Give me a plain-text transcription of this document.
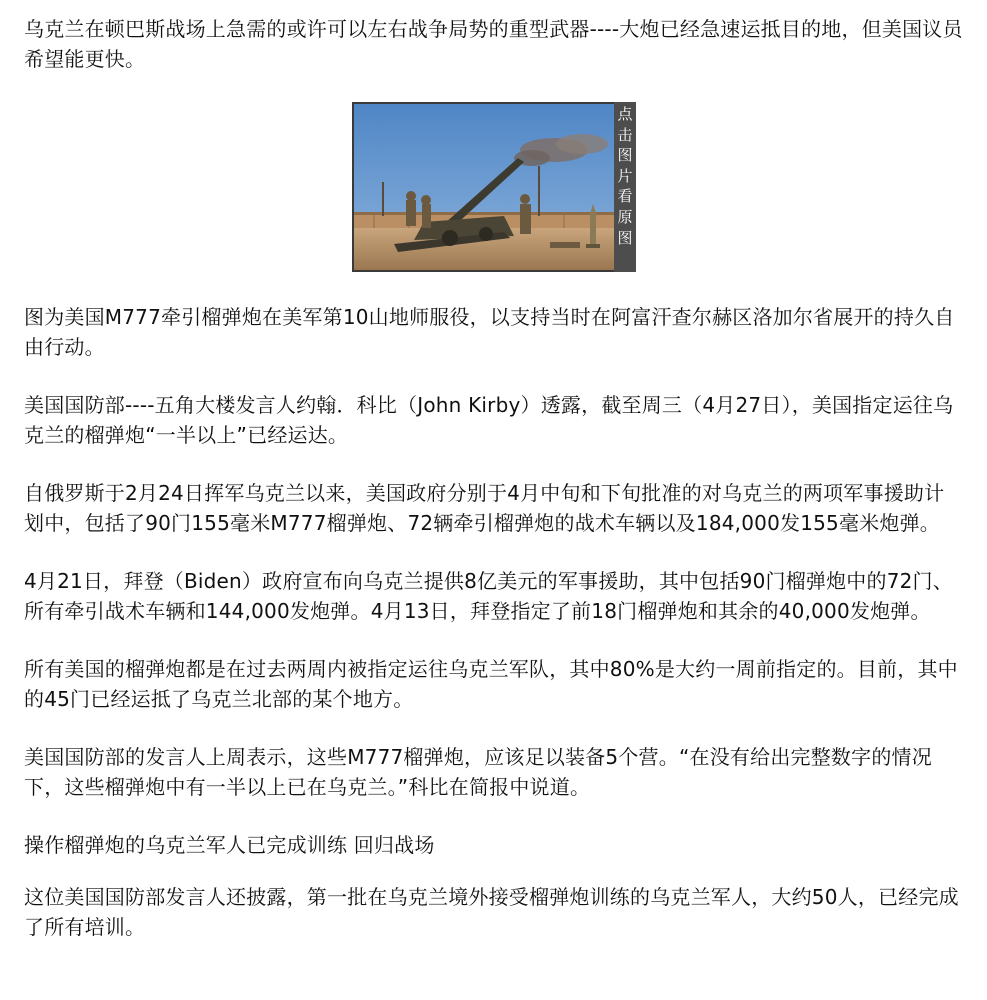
乌克兰在顿巴斯战场上急需的或许可以左右战争局势的重型武器----大炮已经急速运抵目的地，但美国议员希望能更快。

点击图片看原图

图为美国M777牵引榴弹炮在美军第10山地师服役，以支持当时在阿富汗查尔赫区洛加尔省展开的持久自由行动。

美国国防部----五角大楼发言人约翰．科比（John Kirby）透露，截至周三（4月27日），美国指定运往乌克兰的榴弹炮“一半以上”已经运达。

自俄罗斯于2月24日挥军乌克兰以来，美国政府分别于4月中旬和下旬批准的对乌克兰的两项军事援助计划中，包括了90门155毫米M777榴弹炮、72辆牵引榴弹炮的战术车辆以及184,000发155毫米炮弹。

4月21日，拜登（Biden）政府宣布向乌克兰提供8亿美元的军事援助，其中包括90门榴弹炮中的72门、所有牵引战术车辆和144,000发炮弹。4月13日，拜登指定了前18门榴弹炮和其余的40,000发炮弹。

所有美国的榴弹炮都是在过去两周内被指定运往乌克兰军队，其中80%是大约一周前指定的。目前，其中的45门已经运抵了乌克兰北部的某个地方。

美国国防部的发言人上周表示，这些M777榴弹炮，应该足以装备5个营。“在没有给出完整数字的情况下，这些榴弹炮中有一半以上已在乌克兰。”科比在简报中说道。

操作榴弹炮的乌克兰军人已完成训练 回归战场

这位美国国防部发言人还披露，第一批在乌克兰境外接受榴弹炮训练的乌克兰军人，大约50人，已经完成了所有培训。
